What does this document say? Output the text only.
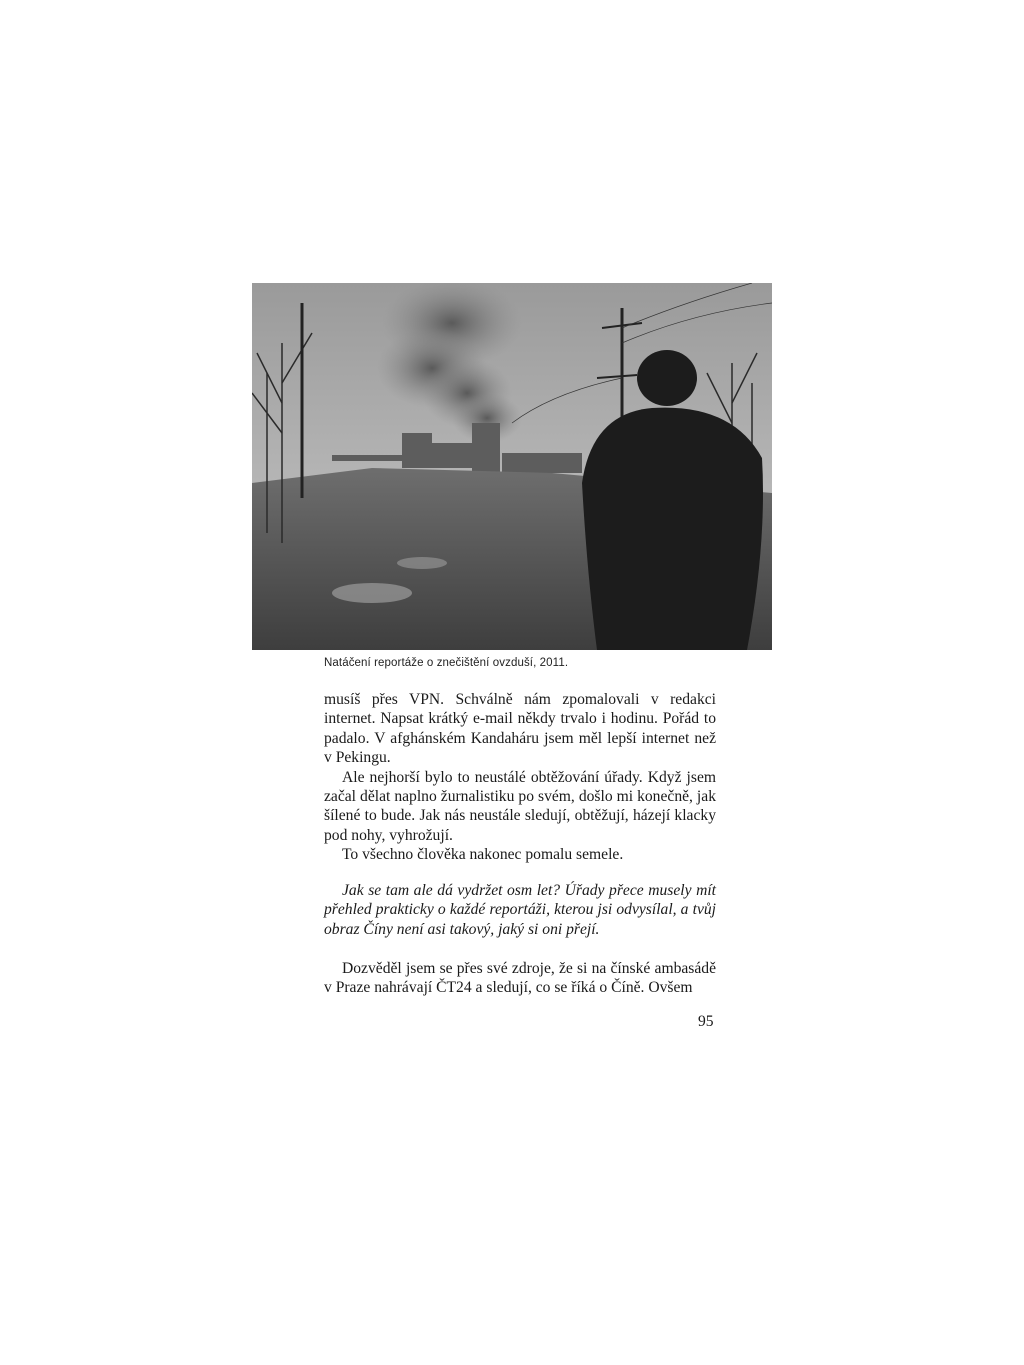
Natáčení reportáže o znečištění ovzduší, 2011.

musíš přes VPN. Schválně nám zpomalovali v redakci internet. Napsat krátký e-mail někdy trvalo i hodinu. Pořád to padalo. V afghánském Kandaháru jsem měl lepší internet než v Pekingu.

Ale nejhorší bylo to neustálé obtěžování úřady. Když jsem začal dělat naplno žurnalistiku po svém, došlo mi konečně, jak šílené to bude. Jak nás neustále sledují, obtěžují, házejí klacky pod nohy, vyhrožují.

To všechno člověka nakonec pomalu semele.

Jak se tam ale dá vydržet osm let? Úřady přece musely mít přehled prakticky o každé reportáži, kterou jsi odvysílal, a tvůj obraz Číny není asi takový, jaký si oni přejí.

Dozvěděl jsem se přes své zdroje, že si na čínské ambasádě v Praze nahrávají ČT24 a sledují, co se říká o Číně. Ovšem

95
